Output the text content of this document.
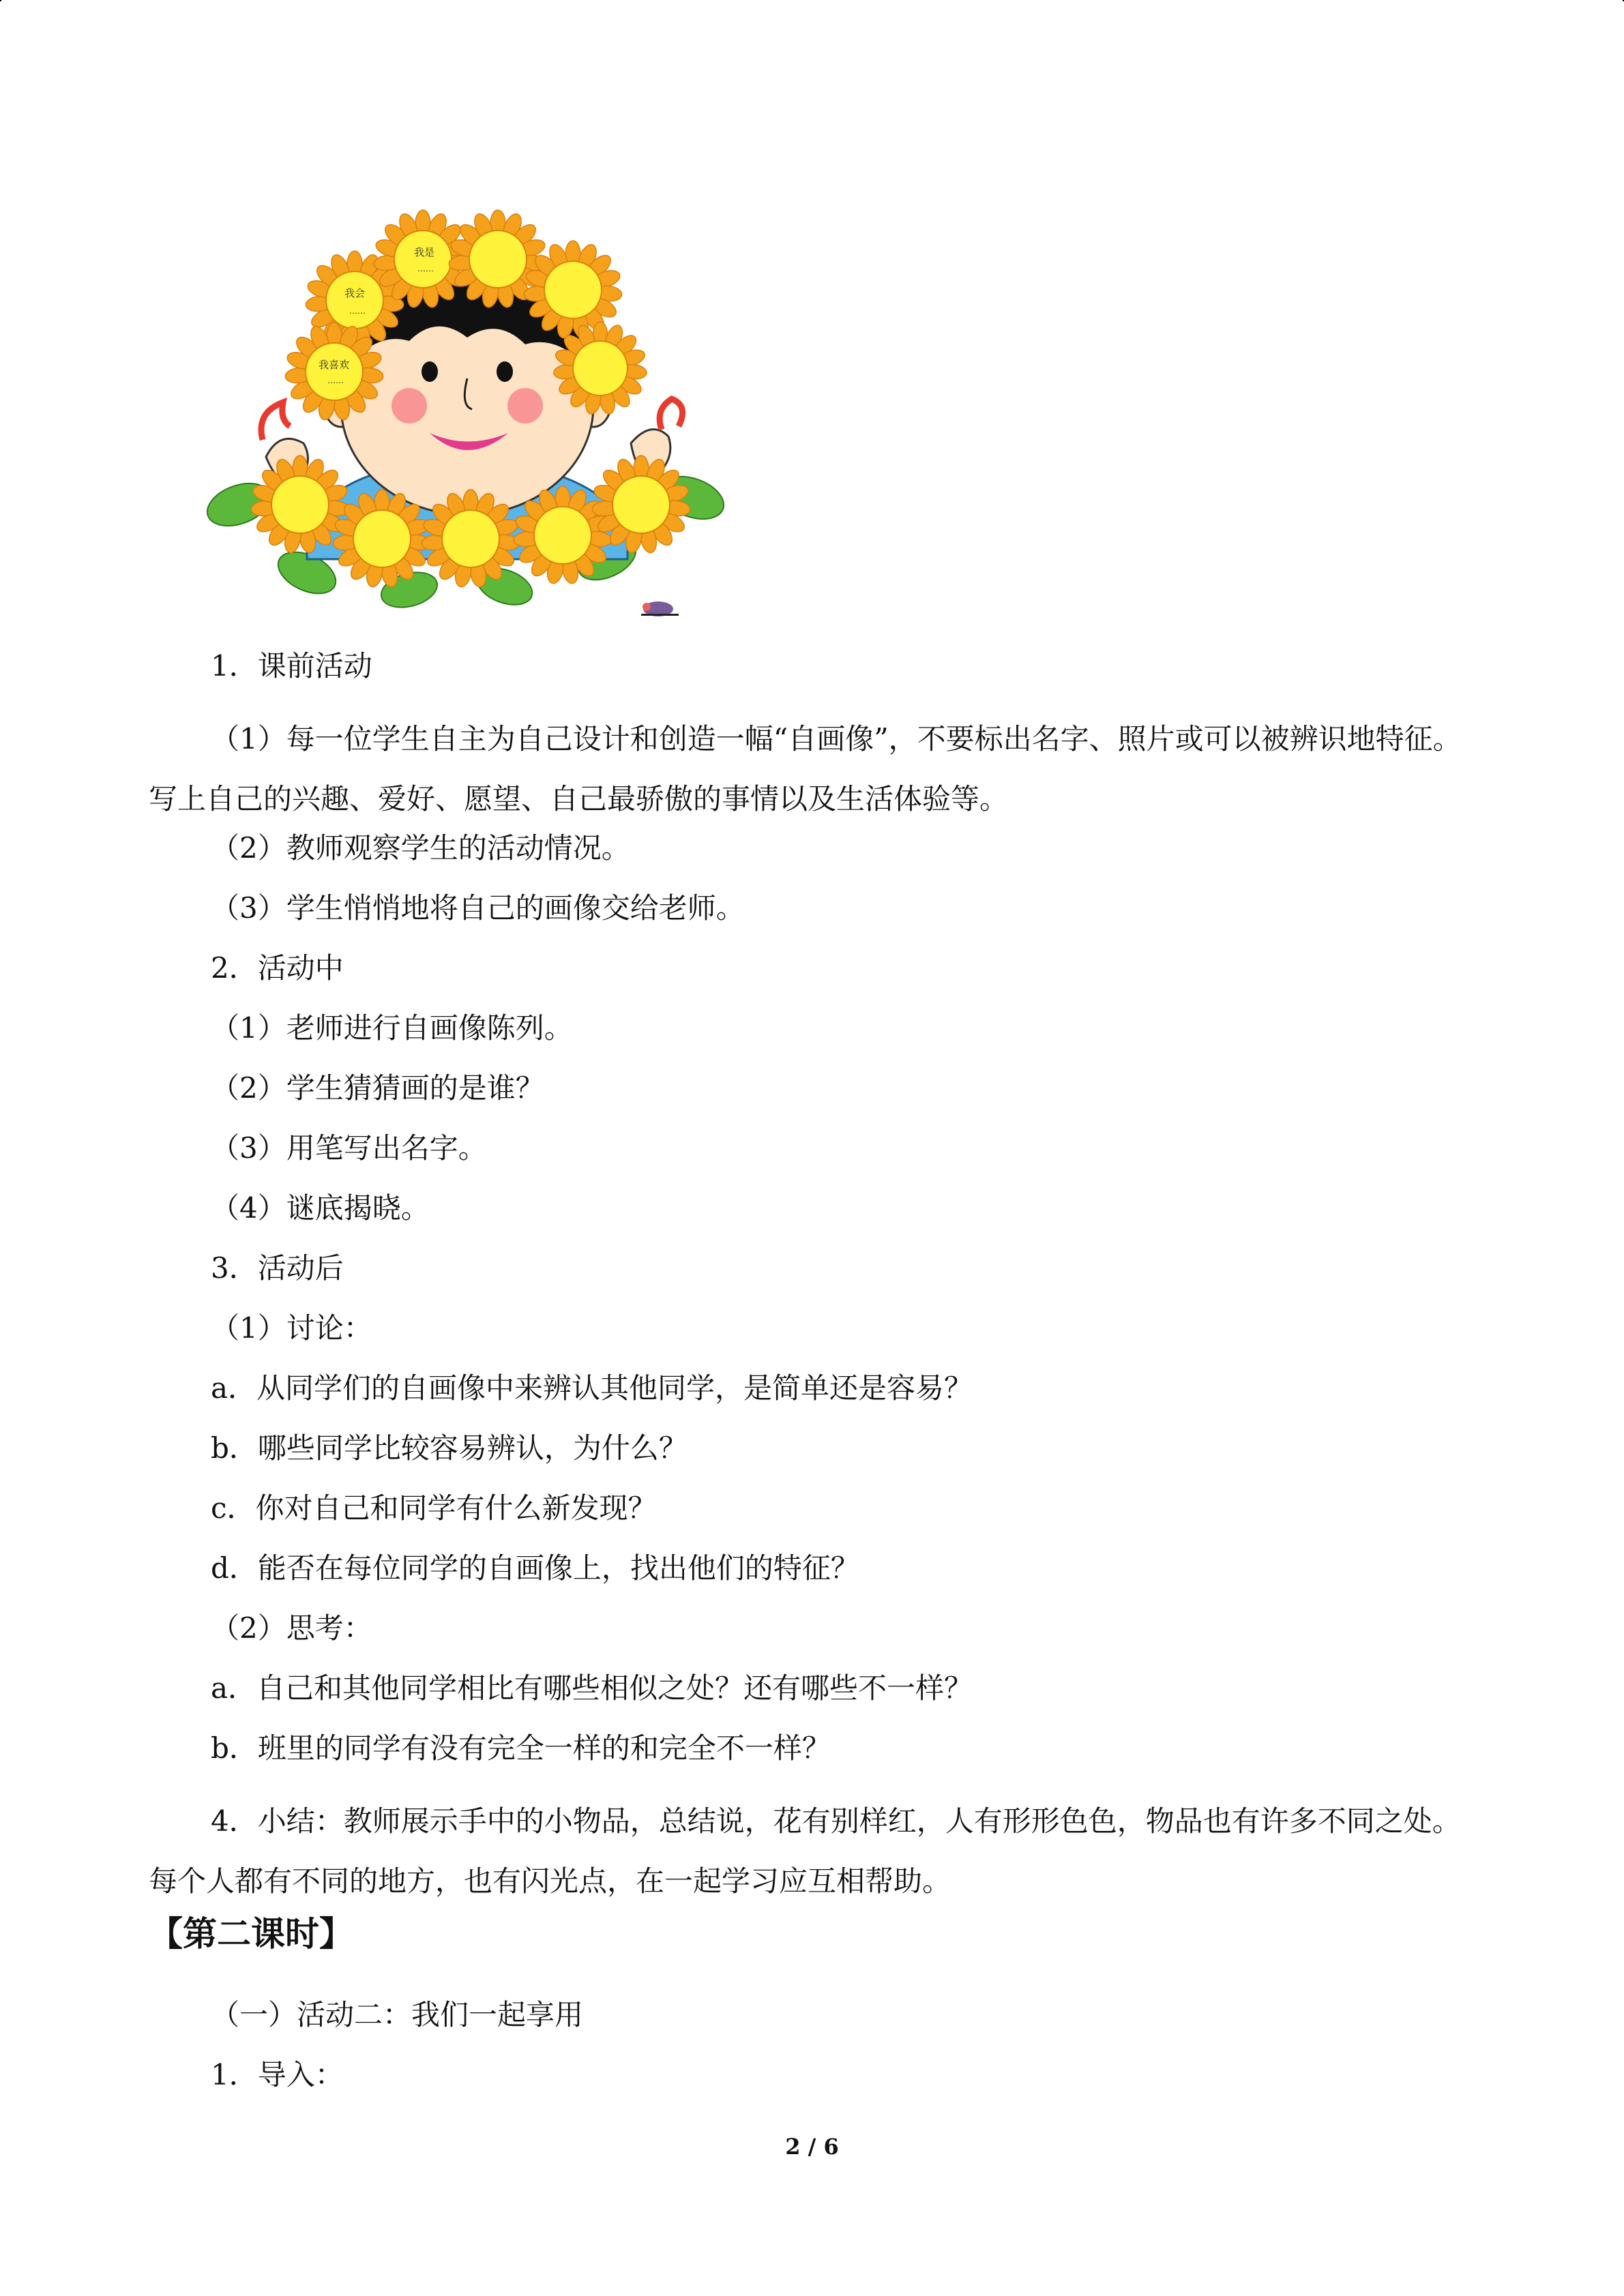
我会
……
我是
……
我喜欢
……

1．课前活动

（1）每一位学生自主为自己设计和创造一幅“自画像”，不要标出名字、照片或可以被辨识地特征。写上自己的兴趣、爱好、愿望、自己最骄傲的事情以及生活体验等。

（2）教师观察学生的活动情况。

（3）学生悄悄地将自己的画像交给老师。

2．活动中

（1）老师进行自画像陈列。

（2）学生猜猜画的是谁？

（3）用笔写出名字。

（4）谜底揭晓。

3．活动后

（1）讨论：

a．从同学们的自画像中来辨认其他同学，是简单还是容易？

b．哪些同学比较容易辨认，为什么？

c．你对自己和同学有什么新发现？

d．能否在每位同学的自画像上，找出他们的特征？

（2）思考：

a．自己和其他同学相比有哪些相似之处？还有哪些不一样？

b．班里的同学有没有完全一样的和完全不一样？

4．小结：教师展示手中的小物品，总结说，花有别样红，人有形形色色，物品也有许多不同之处。每个人都有不同的地方，也有闪光点，在一起学习应互相帮助。

【第二课时】

（一）活动二：我们一起享用

1．导入：

2 / 6
